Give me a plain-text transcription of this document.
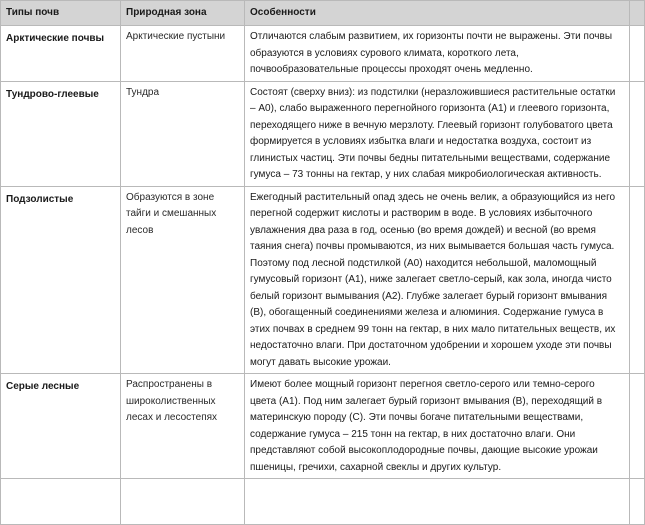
Типы почв	Природная зона	Особенности	
Арктические почвы	Арктические пустыни	Отличаются слабым развитием, их горизонты почти не выражены. Эти почвы образуются в условиях сурового климата, короткого лета, почвообразовательные процессы проходят очень медленно.	
Тундрово-глеевые	Тундра	Состоят (сверху вниз): из подстилки (неразложившиеся растительные остатки – А0), слабо выраженного перегнойного горизонта (А1) и глеевого горизонта, переходящего ниже в вечную мерзлоту. Глеевый горизонт голубоватого цвета формируется в условиях избытка влаги и недостатка воздуха, состоит из глинистых частиц. Эти почвы бедны питательными веществами, содержание гумуса – 73 тонны на гектар, у них слабая микробиологическая активность.	
Подзолистые	Образуются в зоне тайги и смешанных лесов	Ежегодный растительный опад здесь не очень велик, а образующийся из него перегной содержит кислоты и растворим в воде. В условиях избыточного увлажнения два раза в год, осенью (во время дождей) и весной (во время таяния снега) почвы промываются, из них вымывается большая часть гумуса. Поэтому под лесной подстилкой (А0) находится небольшой, маломощный гумусовый горизонт (А1), ниже залегает светло-серый, как зола, иногда чисто белый горизонт вымывания (А2). Глубже залегает бурый горизонт вмывания (В), обогащенный соединениями железа и алюминия. Содержание гумуса в этих почвах в среднем 99 тонн на гектар, в них мало питательных веществ, их недостаточно влаги. При достаточном удобрении и хорошем уходе эти почвы могут давать высокие урожаи.	
Серые лесные	Распространены в широколиственных лесах и лесостепях	Имеют более мощный горизонт перегноя светло-серого или темно-серого цвета (А1). Под ним залегает бурый горизонт вмывания (В), переходящий в материнскую породу (С). Эти почвы богаче питательными веществами, содержание гумуса – 215 тонн на гектар, в них достаточно влаги. Они представляют собой высокоплодородные почвы, дающие высокие урожаи пшеницы, гречихи, сахарной свеклы и других культур.	
